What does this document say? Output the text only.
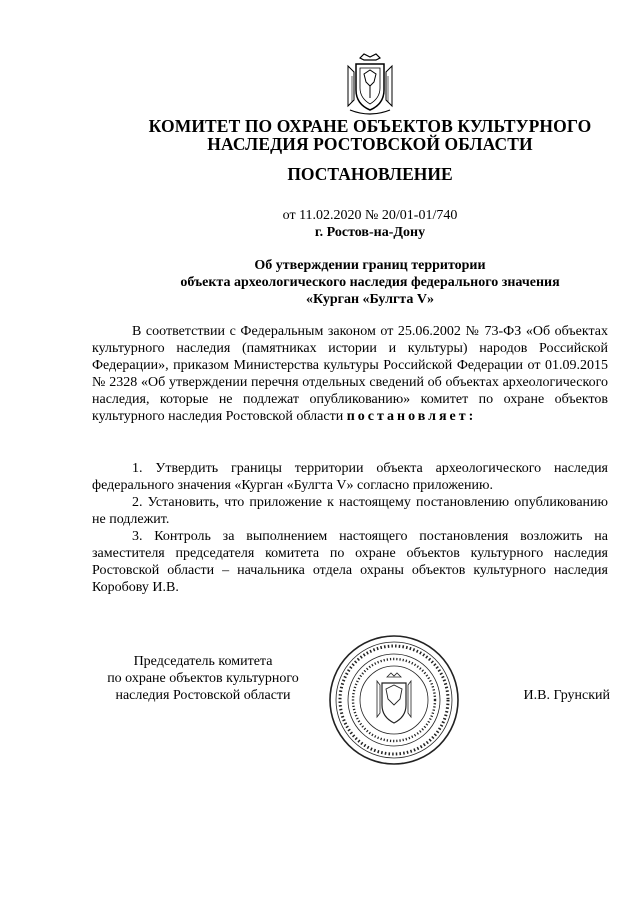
КОМИТЕТ ПО ОХРАНЕ ОБЪЕКТОВ КУЛЬТУРНОГО
НАСЛЕДИЯ РОСТОВСКОЙ ОБЛАСТИ
ПОСТАНОВЛЕНИЕ
от 11.02.2020 № 20/01-01/740
г. Ростов-на-Дону
Об утверждении границ территории
объекта археологического наследия федерального значения
«Курган «Булгта V»

В соответствии с Федеральным законом от 25.06.2002 № 73-ФЗ «Об объектах культурного наследия (памятниках истории и культуры) народов Российской Федерации», приказом Министерства культуры Российской Федерации от 01.09.2015 № 2328 «Об утверждении перечня отдельных сведений об объектах археологического наследия, которые не подлежат опубликованию» комитет по охране объектов культурного наследия Ростовской области постановляет:

1. Утвердить границы территории объекта археологического наследия федерального значения «Курган «Булгта V» согласно приложению.

2. Установить, что приложение к настоящему постановлению опубликованию не подлежит.

3. Контроль за выполнением настоящего постановления возложить на заместителя председателя комитета по охране объектов культурного наследия Ростовской области – начальника отдела охраны объектов культурного наследия Коробову И.В.

Председатель комитета
по охране объектов культурного
наследия Ростовской области	И.В. Грунский
